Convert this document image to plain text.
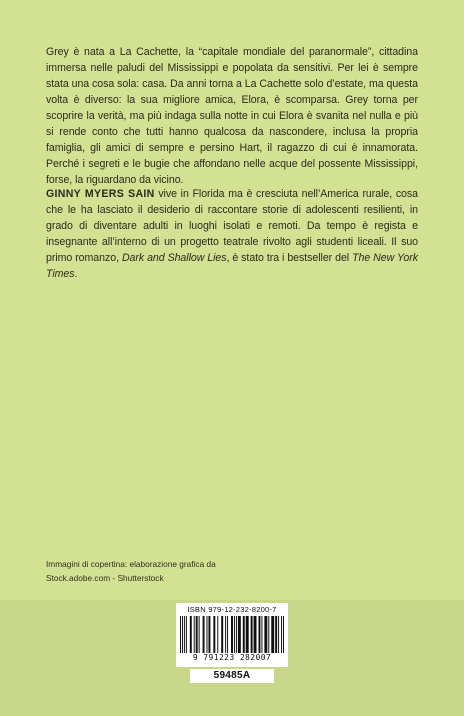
Grey è nata a La Cachette, la “capitale mondiale del paranormale”, cittadina immersa nelle paludi del Mississippi e popolata da sensitivi. Per lei è sempre stata una cosa sola: casa. Da anni torna a La Cachette solo d’estate, ma questa volta è diverso: la sua migliore amica, Elora, è scomparsa. Grey torna per scoprire la verità, ma più indaga sulla notte in cui Elora è svanita nel nulla e più si rende conto che tutti hanno qualcosa da nascondere, inclusa la propria famiglia, gli amici di sempre e persino Hart, il ragazzo di cui è innamorata. Perché i segreti e le bugie che affondano nelle acque del possente Mississippi, forse, la riguardano da vicino.

GINNY MYERS SAIN vive in Florida ma è cresciuta nell’America rurale, cosa che le ha lasciato il desiderio di raccontare storie di adolescenti resilienti, in grado di diventare adulti in luoghi isolati e remoti. Da tempo è regista e insegnante all’interno di un progetto teatrale rivolto agli studenti liceali. Il suo primo romanzo, Dark and Shallow Lies, è stato tra i bestseller del The New York Times.

Immagini di copertina: elaborazione grafica da
Stock.adobe.com - Shutterstock
ISBN 979-12-232-8200-7
9 791223 282007
59485A
